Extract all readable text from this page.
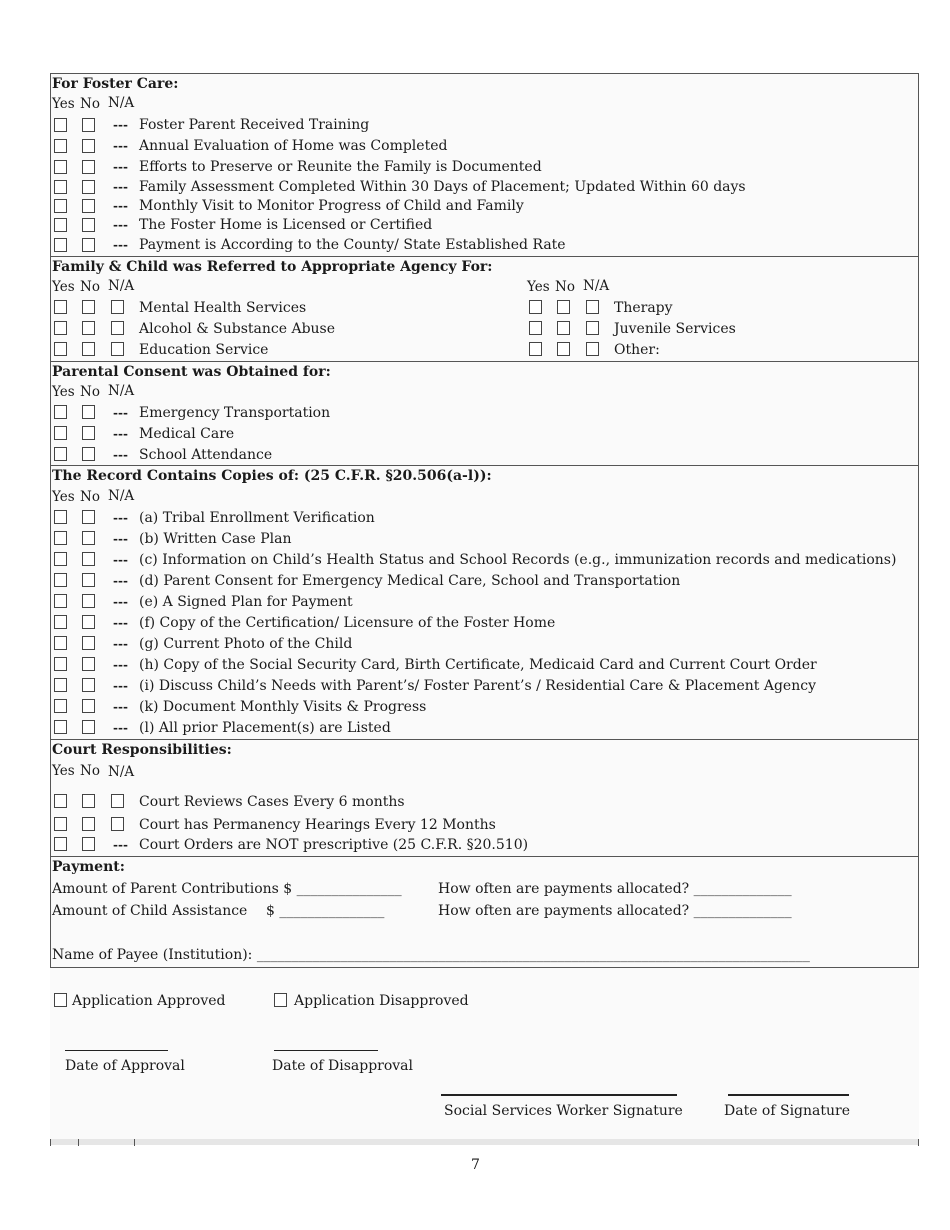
For Foster Care:
Yes No N/A
--- Foster Parent Received Training
--- Annual Evaluation of Home was Completed
--- Efforts to Preserve or Reunite the Family is Documented
--- Family Assessment Completed Within 30 Days of Placement; Updated Within 60 days
--- Monthly Visit to Monitor Progress of Child and Family
--- The Foster Home is Licensed or Certified
--- Payment is According to the County/ State Established Rate
Family & Child was Referred to Appropriate Agency For:
Yes No N/A	Yes No N/A
Mental Health Services	Therapy
Alcohol & Substance Abuse	Juvenile Services
Education Service	Other:
Parental Consent was Obtained for:
Yes No N/A
--- Emergency Transportation
--- Medical Care
--- School Attendance
The Record Contains Copies of: (25 C.F.R. §20.506(a-l)):
Yes No N/A
--- (a) Tribal Enrollment Verification
--- (b) Written Case Plan
--- (c) Information on Child’s Health Status and School Records (e.g., immunization records and medications)
--- (d) Parent Consent for Emergency Medical Care, School and Transportation
--- (e) A Signed Plan for Payment
--- (f) Copy of the Certification/ Licensure of the Foster Home
--- (g) Current Photo of the Child
--- (h) Copy of the Social Security Card, Birth Certificate, Medicaid Card and Current Court Order
--- (i) Discuss Child’s Needs with Parent’s/ Foster Parent’s / Residential Care & Placement Agency
--- (k) Document Monthly Visits & Progress
--- (l) All prior Placement(s) are Listed
Court Responsibilities:
Yes No N/A
Court Reviews Cases Every 6 months
Court has Permanency Hearings Every 12 Months
--- Court Orders are NOT prescriptive (25 C.F.R. §20.510)
Payment:
Amount of Parent Contributions $ _______________	How often are payments allocated? ______________
Amount of Child Assistance $ _______________	How often are payments allocated? ______________
Name of Payee (Institution): _______________________________________________________________________________
Application Approved	Application Disapproved
Date of Approval	Date of Disapproval
Social Services Worker Signature	Date of Signature
7
